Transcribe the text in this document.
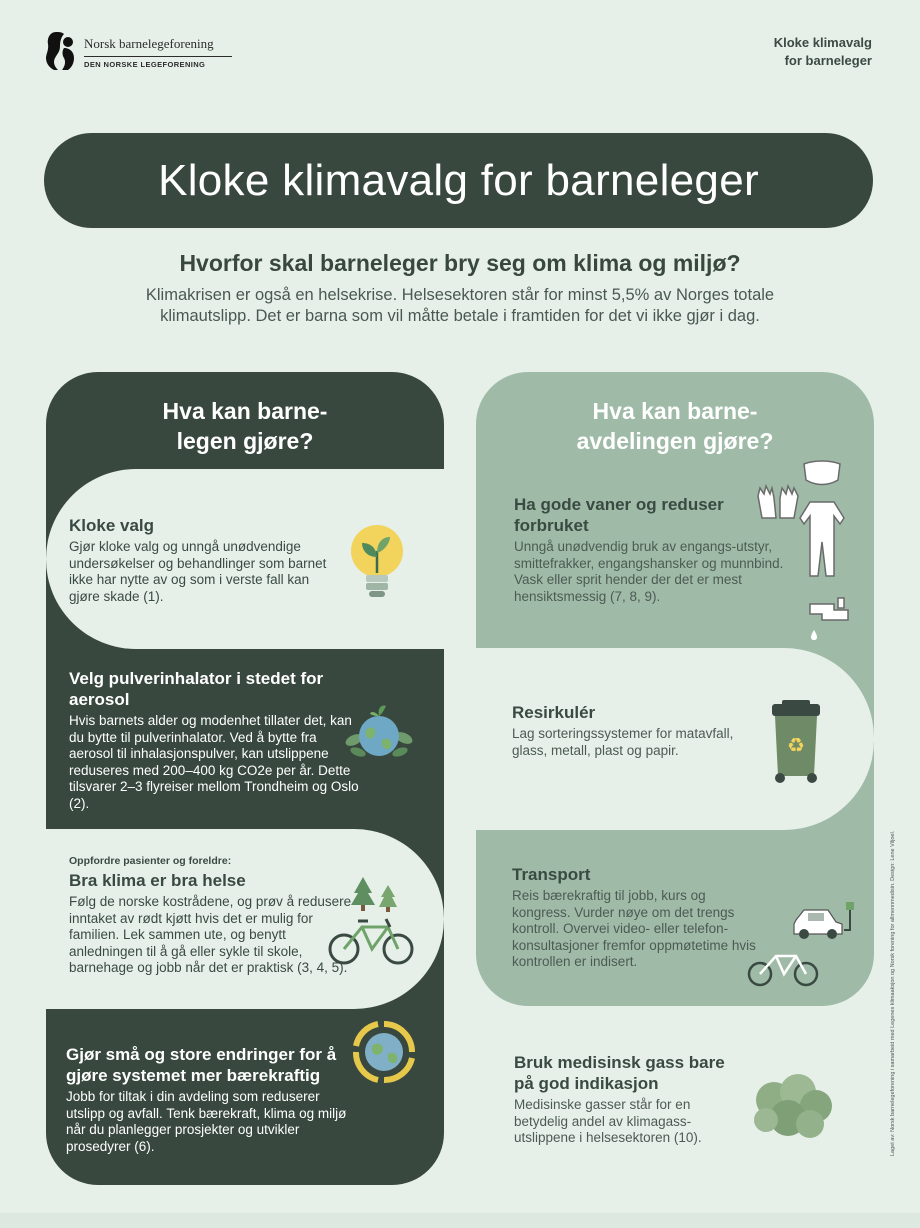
Norsk barnelegeforening
DEN NORSKE LEGEFORENING
Kloke klimavalg
for barneleger
Kloke klimavalg for barneleger
Hvorfor skal barneleger bry seg om klima og miljø?

Klimakrisen er også en helsekrise. Helsesektoren står for minst 5,5% av Norges totale klimautslipp. Det er barna som vil måtte betale i framtiden for det vi ikke gjør i dag.

Hva kan barne-
legen gjøre?
Kloke valg
Gjør kloke valg og unngå unødvendige undersøkelser og behandlinger som barnet ikke har nytte av og som i verste fall kan gjøre skade (1).
Velg pulverinhalator i stedet for aerosol
Hvis barnets alder og modenhet tillater det, kan du bytte til pulverinhalator. Ved å bytte fra aerosol til inhalasjonspulver, kan utslippene reduseres med 200–400 kg CO2e per år. Dette tilsvarer 2–3 flyreiser mellom Trondheim og Oslo (2).
Oppfordre pasienter og foreldre:
Bra klima er bra helse
Følg de norske kostrådene, og prøv å redusere inntaket av rødt kjøtt hvis det er mulig for familien. Lek sammen ute, og benytt anledningen til å gå eller sykle til skole, barnehage og jobb når det er praktisk (3, 4, 5).
Gjør små og store endringer for å gjøre systemet mer bærekraftig
Jobb for tiltak i din avdeling som reduserer utslipp og avfall. Tenk bærekraft, klima og miljø når du planlegger prosjekter og utvikler prosedyrer (6).
Hva kan barne-
avdelingen gjøre?
Ha gode vaner og reduser forbruket
Unngå unødvendig bruk av engangs-utstyr, smittefrakker, engangshansker og munnbind. Vask eller sprit hender der det er mest hensiktsmessig (7, 8, 9).
Resirkulér
Lag sorteringssystemer for matavfall, glass, metall, plast og papir.	♻
Transport
Reis bærekraftig til jobb, kurs og kongress. Vurder nøye om det trengs kontroll. Overvei video- eller telefon-konsultasjoner fremfor oppmøtetime hvis kontrollen er indisert.
Bruk medisinsk gass bare på god indikasjon
Medisinske gasser står for en betydelig andel av klimagass-utslippene i helsesektoren (10).	Laget av: Norsk barnelegeforening i samarbeid med Legenes klimaaksjon og Norsk forening for allmennmedisin. Design: Lene Viljoel.
